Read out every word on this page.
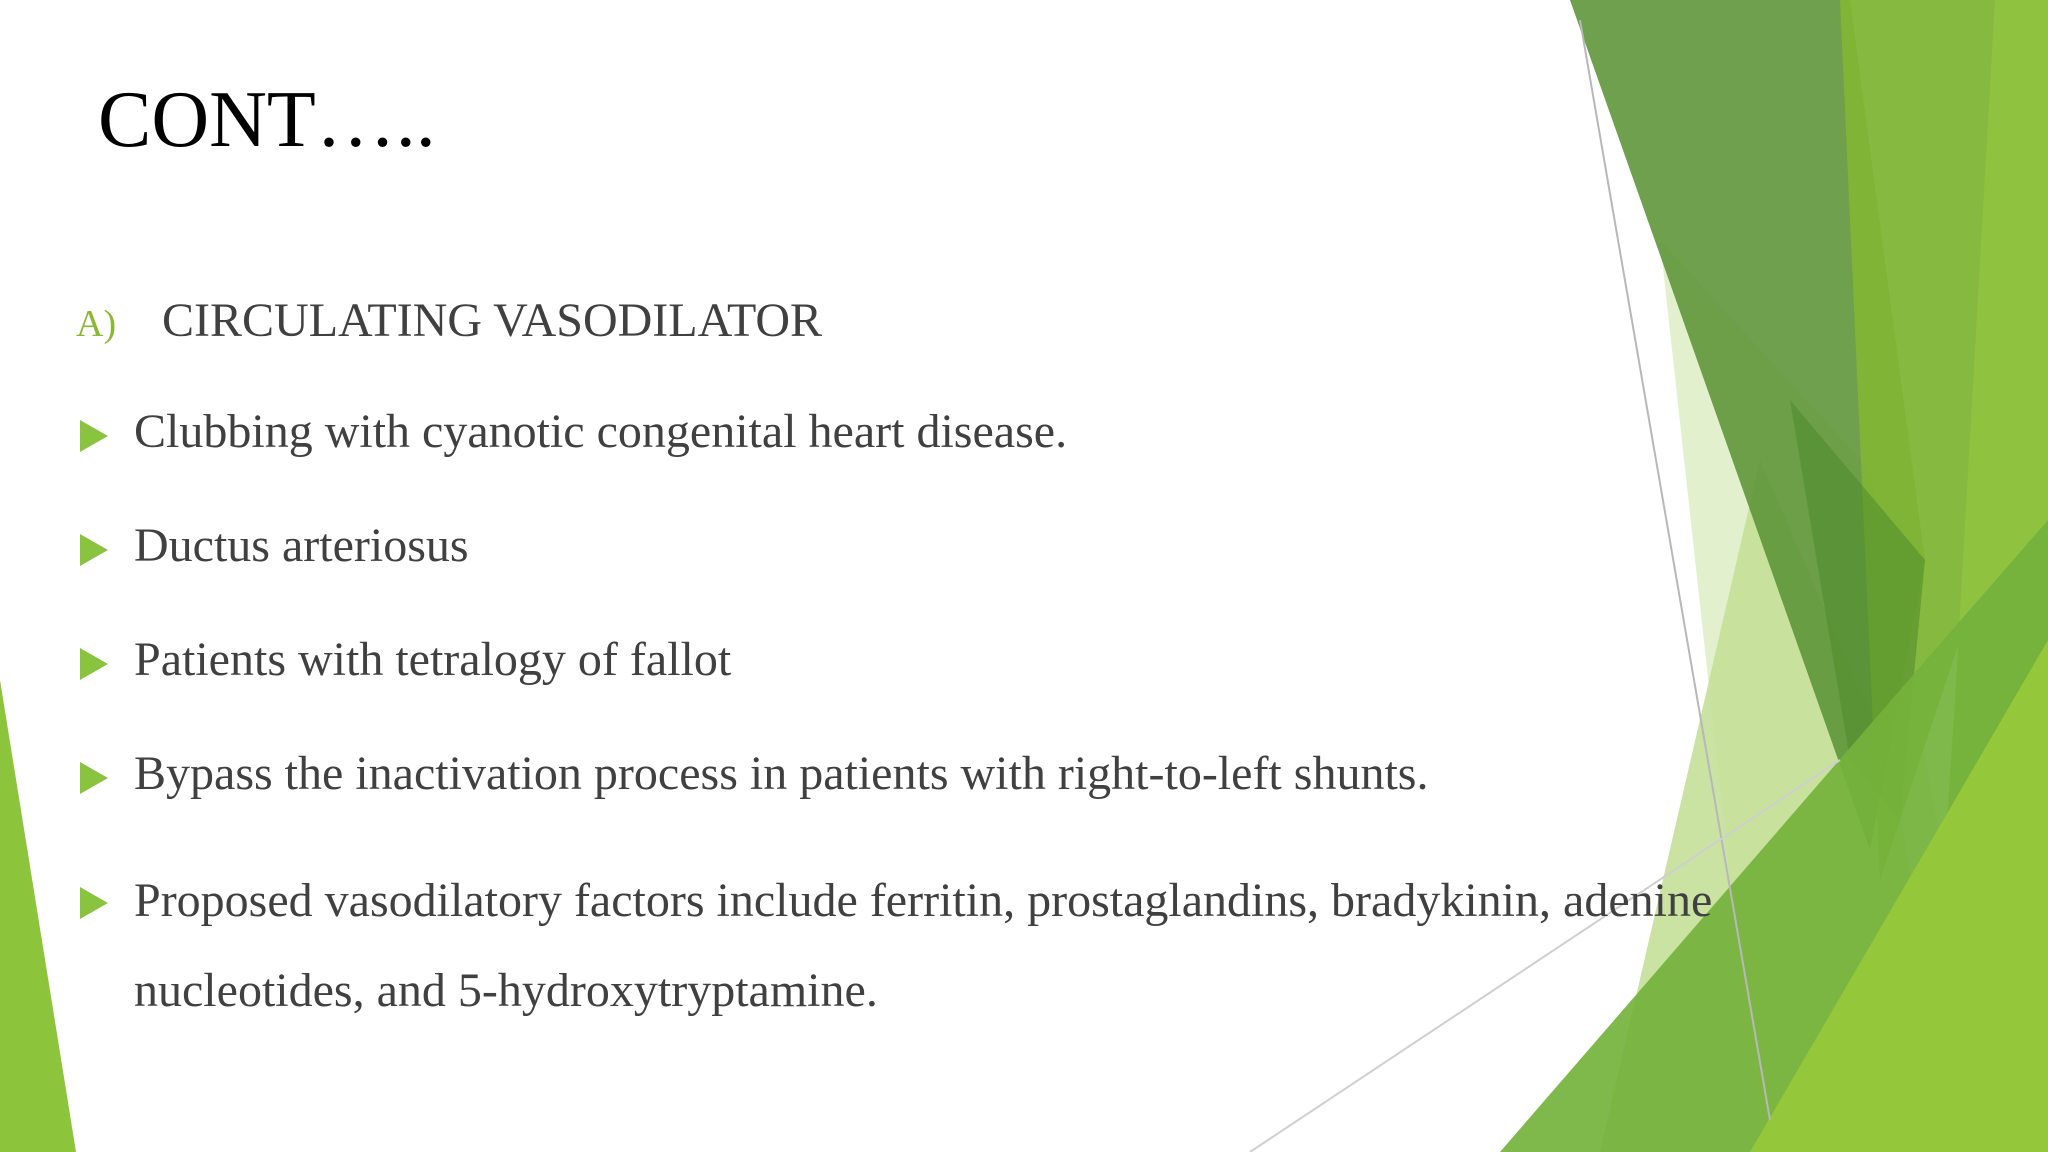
CONT…..
A) CIRCULATING VASODILATOR
Clubbing with cyanotic congenital heart disease.
Ductus arteriosus
Patients with tetralogy of fallot
Bypass the inactivation process in patients with right-to-left shunts.
Proposed vasodilatory factors include ferritin, prostaglandins, bradykinin, adenine nucleotides, and 5-hydroxytryptamine.
